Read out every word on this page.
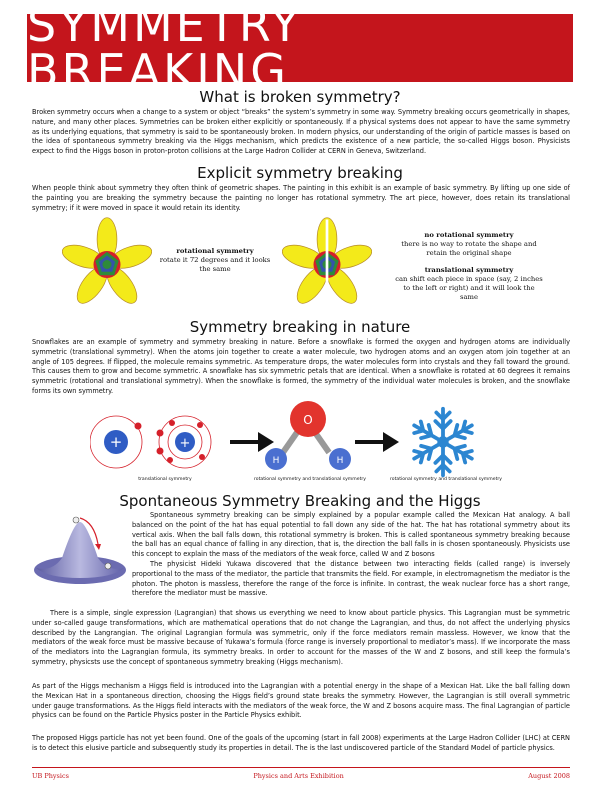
SYMMETRY BREAKING
What is broken symmetry?

Broken symmetry occurs when a change to a system or object “breaks” the system’s symmetry in some way. Symmetry breaking occurs geometrically in shapes, nature, and many other places. Symmetries can be broken either explicitly or spontaneously. If a physical systems does not appear to have the same symmetry as its underlying equations, that symmetry is said to be spontaneously broken. In modern physics, our understanding of the origin of particle masses is based on the idea of spontaneous symmetry breaking via the Higgs mechanism, which predicts the existence of a new particle, the so-called Higgs boson. Physicists expect to find the Higgs boson in proton-proton collisions at the Large Hadron Collider at CERN in Geneva, Switzerland.

Explicit symmetry breaking

When people think about symmetry they often think of geometric shapes. The painting in this exhibit is an example of basic symmetry. By lifting up one side of the painting you are breaking the symmetry because the painting no longer has rotational symmetry. The art piece, however, does retain its translational symmetry; if it were moved in space it would retain its identity.

rotational symmetry
rotate it 72 degrees and it looks the same
no rotational symmetry
there is no way to rotate the shape and retain the original shape
translational symmetry
can shift each piece in space (say, 2 inches to the left or right) and it will look the same
Symmetry breaking in nature

Snowflakes are an example of symmetry and symmetry breaking in nature. Before a snowflake is formed the oxygen and hydrogen atoms are individually symmetric (translational symmetry). When the atoms join together to create a water molecule, two hydrogen atoms and an oxygen atom join together at an angle of 105 degrees. If flipped, the molecule remains symmetric. As temperature drops, the water molecules form into crystals and they fall toward the ground. This causes them to grow and become symmetric. A snowflake has six symmetric petals that are identical. When a snowflake is rotated at 60 degrees it remains symmetric (rotational and translational symmetry). When the snowflake is formed, the symmetry of the individual water molecules is broken, and the snowflake forms its own symmetry.

+	+
translational symmetry
O
H	H
rotational symmetry and translational symmetry	rotational symmetry and translational symmetry
Spontaneous Symmetry Breaking and the Higgs

Spontaneous symmetry breaking can be simply explained by a popular example called the Mexican Hat analogy. A ball balanced on the point of the hat has equal potential to fall down any side of the hat. The hat has rotational symmetry about its vertical axis. When the ball falls down, this rotational symmetry is broken. This is called spontaneous symmetry breaking because the ball has an equal chance of falling in any direction, that is, the direction the ball falls in is chosen spontaneously. Physicists use this concept to explain the mass of the mediators of the weak force, called W and Z bosons

The physicist Hideki Yukawa discovered that the distance between two interacting fields (called range) is inversely proportional to the mass of the mediator, the particle that transmits the field. For example, in electromagnetism the mediator is the photon. The photon is massless, therefore the range of the force is infinite. In contrast, the weak nuclear force has a short range, therefore the mediator must be massive.

There is a simple, single expression (Lagrangian) that shows us everything we need to know about particle physics. This Lagrangian must be symmetric under so-called gauge transformations, which are mathematical operations that do not change the Lagrangian, and thus, do not affect the underlying physics described by the Langrangian. The original Lagrangian formula was symmetric, only if the force mediators remain massless. However, we know that the mediators of the weak force must be massive because of Yukawa’s formula (force range is inversely proportional to mediator’s mass). If we incorporate the mass of the mediators into the Lagrangian formula, its symmetry breaks. In order to account for the masses of the W and Z bosons, and still keep the formula’s symmetry, physicsts use the concept of spontaneous symmetry breaking (Higgs mechanism).

As part of the Higgs mechanism a Higgs field is introduced into the Lagrangian with a potential energy in the shape of a Mexican Hat. Like the ball falling down the Mexican Hat in a spontaneous direction, choosing the Higgs field’s ground state breaks the symmetry. However, the Lagrangian is still overall symmetric under gauge transformations. As the Higgs field interacts with the mediators of the weak force, the W and Z bosons acquire mass. The final Lagrangian of particle physics can be found on the Particle Physics poster in the Particle Physics exhibit.

The proposed Higgs particle has not yet been found. One of the goals of the upcoming (start in fall 2008) experiments at the Large Hadron Collider (LHC) at CERN is to detect this elusive particle and subsequently study its properties in detail. The is the last undiscovered particle of the Standard Model of particle physics.

UB Physics	Physics and Arts Exhibition	August 2008
